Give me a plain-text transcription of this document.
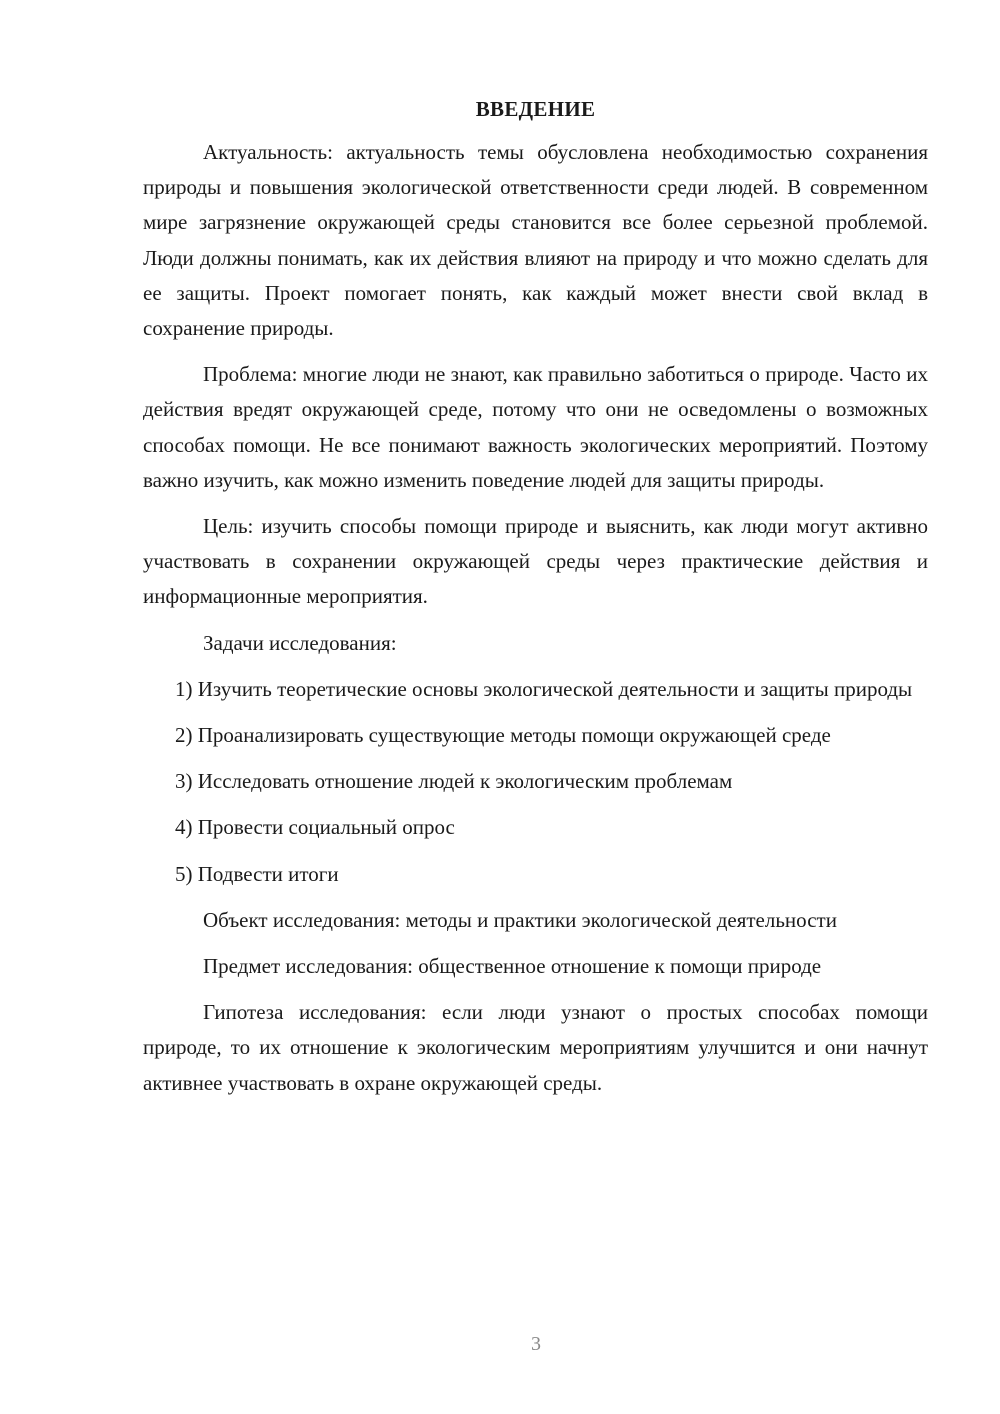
ВВЕДЕНИЕ

Актуальность: актуальность темы обусловлена необходимостью сохранения природы и повышения экологической ответственности среди людей. В современном мире загрязнение окружающей среды становится все более серьезной проблемой. Люди должны понимать, как их действия влияют на природу и что можно сделать для ее защиты. Проект помогает понять, как каждый может внести свой вклад в сохранение природы.

Проблема: многие люди не знают, как правильно заботиться о природе. Часто их действия вредят окружающей среде, потому что они не осведомлены о возможных способах помощи. Не все понимают важность экологических мероприятий. Поэтому важно изучить, как можно изменить поведение людей для защиты природы.

Цель: изучить способы помощи природе и выяснить, как люди могут активно участвовать в сохранении окружающей среды через практические действия и информационные мероприятия.

Задачи исследования:

1) Изучить теоретические основы экологической деятельности и защиты природы

2) Проанализировать существующие методы помощи окружающей среде

3) Исследовать отношение людей к экологическим проблемам

4) Провести социальный опрос

5) Подвести итоги

Объект исследования: методы и практики экологической деятельности

Предмет исследования: общественное отношение к помощи природе

Гипотеза исследования: если люди узнают о простых способах помощи природе, то их отношение к экологическим мероприятиям улучшится и они начнут активнее участвовать в охране окружающей среды.

3
